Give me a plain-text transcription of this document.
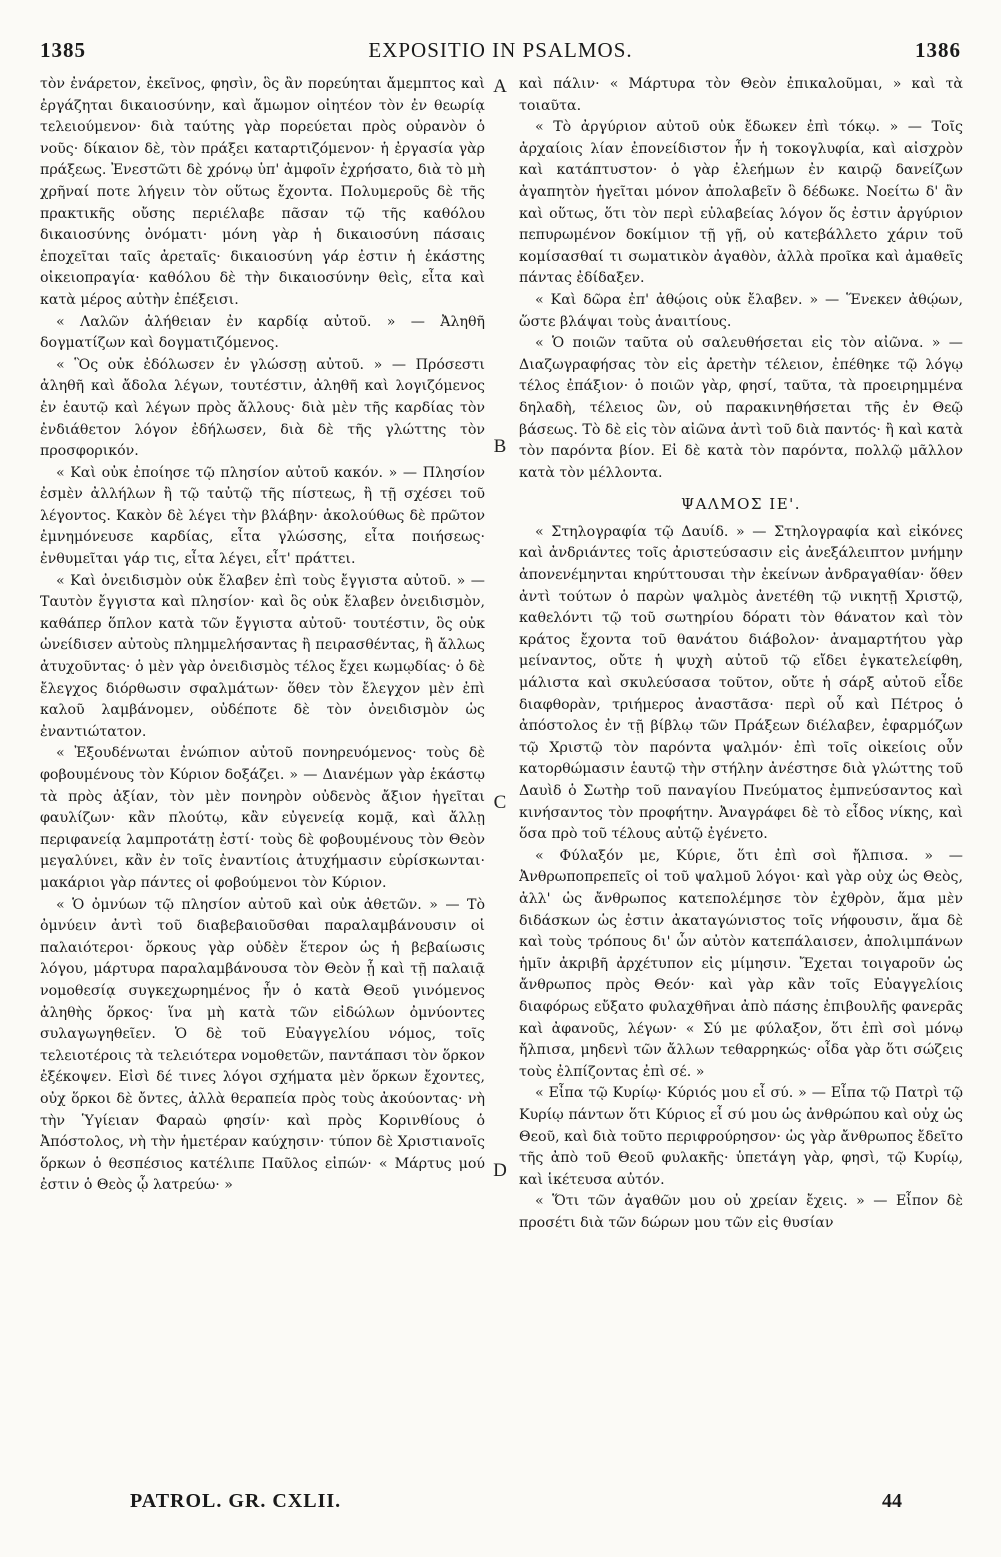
1385	EXPOSITIO IN PSALMOS.	1386

τὸν ἐνάρετον, ἐκεῖνος, φησὶν, ὃς ἂν πορεύηται ἄμεμπτος καὶ ἐργάζηται δικαιοσύνην, καὶ ἄμωμον οἰητέον τὸν ἐν θεωρίᾳ τελειούμενον· διὰ ταύτης γὰρ πορεύεται πρὸς οὐρανὸν ὁ νοῦς· δίκαιον δὲ, τὸν πράξει καταρτιζόμενον· ἡ ἐργασία γὰρ πράξεως. Ἐνεστῶτι δὲ χρόνῳ ὑπ' ἀμφοῖν ἐχρήσατο, διὰ τὸ μὴ χρῆναί ποτε λήγειν τὸν οὕτως ἔχοντα. Πολυμεροῦς δὲ τῆς πρακτικῆς οὔσης περιέλαβε πᾶσαν τῷ τῆς καθόλου δικαιοσύνης ὀνόματι· μόνη γὰρ ἡ δικαιοσύνη πάσαις ἐποχεῖται ταῖς ἀρεταῖς· δικαιοσύνη γάρ ἐστιν ἡ ἑκάστης οἰκειοπραγία· καθόλου δὲ τὴν δικαιοσύνην θεὶς, εἶτα καὶ κατὰ μέρος αὐτὴν ἐπέξεισι.

« Λαλῶν ἀλήθειαν ἐν καρδίᾳ αὐτοῦ. » — Ἀληθῆ δογματίζων καὶ δογματιζόμενος.

« Ὃς οὐκ ἐδόλωσεν ἐν γλώσσῃ αὐτοῦ. » — Πρόσεστι ἀληθῆ καὶ ἄδολα λέγων, τουτέστιν, ἀληθῆ καὶ λογιζόμενος ἐν ἑαυτῷ καὶ λέγων πρὸς ἄλλους· διὰ μὲν τῆς καρδίας τὸν ἐνδιάθετον λόγον ἐδήλωσεν, διὰ δὲ τῆς γλώττης τὸν προσφορικόν.

« Καὶ οὐκ ἐποίησε τῷ πλησίον αὐτοῦ κακόν. » — Πλησίον ἐσμὲν ἀλλήλων ἢ τῷ ταὐτῷ τῆς πίστεως, ἢ τῇ σχέσει τοῦ λέγοντος. Κακὸν δὲ λέγει τὴν βλάβην· ἀκολούθως δὲ πρῶτον ἐμνημόνευσε καρδίας, εἶτα γλώσσης, εἶτα ποιήσεως· ἐνθυμεῖται γάρ τις, εἶτα λέγει, εἶτ' πράττει.

« Καὶ ὀνειδισμὸν οὐκ ἔλαβεν ἐπὶ τοὺς ἔγγιστα αὐτοῦ. » — Ταυτὸν ἔγγιστα καὶ πλησίον· καὶ ὃς οὐκ ἔλαβεν ὀνειδισμὸν, καθάπερ ὅπλον κατὰ τῶν ἔγγιστα αὐτοῦ· τουτέστιν, ὃς οὐκ ὠνείδισεν αὐτοὺς πλημμελήσαντας ἢ πειρασθέντας, ἢ ἄλλως ἀτυχοῦντας· ὁ μὲν γὰρ ὀνειδισμὸς τέλος ἔχει κωμῳδίας· ὁ δὲ ἔλεγχος διόρθωσιν σφαλμάτων· ὅθεν τὸν ἔλεγχον μὲν ἐπὶ καλοῦ λαμβάνομεν, οὐδέποτε δὲ τὸν ὀνειδισμὸν ὡς ἐναντιώτατον.

« Ἐξουδένωται ἐνώπιον αὐτοῦ πονηρευόμενος· τοὺς δὲ φοβουμένους τὸν Κύριον δοξάζει. » — Διανέμων γὰρ ἑκάστῳ τὰ πρὸς ἀξίαν, τὸν μὲν πονηρὸν οὐδενὸς ἄξιον ἡγεῖται φαυλίζων· κἂν πλούτῳ, κἂν εὐγενείᾳ κομᾷ, καὶ ἄλλῃ περιφανείᾳ λαμπροτάτῃ ἐστί· τοὺς δὲ φοβουμένους τὸν Θεὸν μεγαλύνει, κἂν ἐν τοῖς ἐναντίοις ἀτυχήμασιν εὑρίσκωνται· μακάριοι γὰρ πάντες οἱ φοβούμενοι τὸν Κύριον.

« Ὁ ὀμνύων τῷ πλησίον αὐτοῦ καὶ οὐκ ἀθετῶν. » — Τὸ ὀμνύειν ἀντὶ τοῦ διαβεβαιοῦσθαι παραλαμβάνουσιν οἱ παλαιότεροι· ὅρκους γὰρ οὐδὲν ἕτερον ὡς ἡ βεβαίωσις λόγου, μάρτυρα παραλαμβάνουσα τὸν Θεὸν ᾗ καὶ τῇ παλαιᾷ νομοθεσίᾳ συγκεχωρημένος ἦν ὁ κατὰ Θεοῦ γινόμενος ἀληθὴς ὅρκος· ἵνα μὴ κατὰ τῶν εἰδώλων ὀμνύοντες συλαγωγηθεῖεν. Ὁ δὲ τοῦ Εὐαγγελίου νόμος, τοῖς τελειοτέροις τὰ τελειότερα νομοθετῶν, παντάπασι τὸν ὅρκον ἐξέκοψεν. Εἰσὶ δέ τινες λόγοι σχήματα μὲν ὅρκων ἔχοντες, οὐχ ὅρκοι δὲ ὄντες, ἀλλὰ θεραπεία πρὸς τοὺς ἀκούοντας· νὴ τὴν Ὑγίειαν Φαραὼ φησίν· καὶ πρὸς Κορινθίους ὁ Ἀπόστολος, νὴ τὴν ἡμετέραν καύχησιν· τύπον δὲ Χριστιανοῖς ὅρκων ὁ θεσπέσιος κατέλιπε Παῦλος εἰπών· « Μάρτυς μού ἐστιν ὁ Θεὸς ᾧ λατρεύω· »

A
B
C
D

καὶ πάλιν· « Μάρτυρα τὸν Θεὸν ἐπικαλοῦμαι, » καὶ τὰ τοιαῦτα.

« Τὸ ἀργύριον αὐτοῦ οὐκ ἔδωκεν ἐπὶ τόκῳ. » — Τοῖς ἀρχαίοις λίαν ἐπονείδιστον ἦν ἡ τοκογλυφία, καὶ αἰσχρὸν καὶ κατάπτυστον· ὁ γὰρ ἐλεήμων ἐν καιρῷ δανείζων ἀγαπητὸν ἡγεῖται μόνον ἀπολαβεῖν ὃ δέδωκε. Νοείτω δ' ἂν καὶ οὕτως, ὅτι τὸν περὶ εὐλαβείας λόγον ὅς ἐστιν ἀργύριον πεπυρωμένον δοκίμιον τῇ γῇ, οὐ κατεβάλλετο χάριν τοῦ κομίσασθαί τι σωματικὸν ἀγαθὸν, ἀλλὰ προῖκα καὶ ἀμαθεῖς πάντας ἐδίδαξεν.

« Καὶ δῶρα ἐπ' ἀθῴοις οὐκ ἔλαβεν. » — Ἕνεκεν ἀθῴων, ὥστε βλάψαι τοὺς ἀναιτίους.

« Ὁ ποιῶν ταῦτα οὐ σαλευθήσεται εἰς τὸν αἰῶνα. » — Διαζωγραφήσας τὸν εἰς ἀρετὴν τέλειον, ἐπέθηκε τῷ λόγῳ τέλος ἐπάξιον· ὁ ποιῶν γὰρ, φησί, ταῦτα, τὰ προειρημμένα δηλαδὴ, τέλειος ὢν, οὐ παρακινηθήσεται τῆς ἐν Θεῷ βάσεως. Τὸ δὲ εἰς τὸν αἰῶνα ἀντὶ τοῦ διὰ παντός· ἢ καὶ κατὰ τὸν παρόντα βίον. Εἰ δὲ κατὰ τὸν παρόντα, πολλῷ μᾶλλον κατὰ τὸν μέλλοντα.

ΨΑΛΜΟΣ ΙΕ'.

« Στηλογραφία τῷ Δαυίδ. » — Στηλογραφία καὶ εἰκόνες καὶ ἀνδριάντες τοῖς ἀριστεύσασιν εἰς ἀνεξάλειπτον μνήμην ἀπονενέμηνται κηρύττουσαι τὴν ἐκείνων ἀνδραγαθίαν· ὅθεν ἀντὶ τούτων ὁ παρὼν ψαλμὸς ἀνετέθη τῷ νικητῇ Χριστῷ, καθελόντι τῷ τοῦ σωτηρίου δόρατι τὸν θάνατον καὶ τὸν κράτος ἔχοντα τοῦ θανάτου διάβολον· ἀναμαρτήτου γὰρ μείναντος, οὔτε ἡ ψυχὴ αὐτοῦ τῷ εἴδει ἐγκατελείφθη, μάλιστα καὶ σκυλεύσασα τοῦτον, οὔτε ἡ σάρξ αὐτοῦ εἶδε διαφθορὰν, τριήμερος ἀναστᾶσα· περὶ οὗ καὶ Πέτρος ὁ ἀπόστολος ἐν τῇ βίβλῳ τῶν Πράξεων διέλαβεν, ἐφαρμόζων τῷ Χριστῷ τὸν παρόντα ψαλμόν· ἐπὶ τοῖς οἰκείοις οὖν κατορθώμασιν ἑαυτῷ τὴν στήλην ἀνέστησε διὰ γλώττης τοῦ Δαυὶδ ὁ Σωτὴρ τοῦ παναγίου Πνεύματος ἐμπνεύσαντος καὶ κινήσαντος τὸν προφήτην. Ἀναγράφει δὲ τὸ εἶδος νίκης, καὶ ὅσα πρὸ τοῦ τέλους αὐτῷ ἐγένετο.

« Φύλαξόν με, Κύριε, ὅτι ἐπὶ σοὶ ἤλπισα. » — Ἀνθρωποπρεπεῖς οἱ τοῦ ψαλμοῦ λόγοι· καὶ γὰρ οὐχ ὡς Θεὸς, ἀλλ' ὡς ἄνθρωπος κατεπολέμησε τὸν ἐχθρὸν, ἅμα μὲν διδάσκων ὡς ἐστιν ἀκαταγώνιστος τοῖς νήφουσιν, ἅμα δὲ καὶ τοὺς τρόπους δι' ὧν αὐτὸν κατεπάλαισεν, ἀπολιμπάνων ἡμῖν ἀκριβῆ ἀρχέτυπον εἰς μίμησιν. Ἔχεται τοιγαροῦν ὡς ἄνθρωπος πρὸς Θεόν· καὶ γὰρ κἂν τοῖς Εὐαγγελίοις διαφόρως εὔξατο φυλαχθῆναι ἀπὸ πάσης ἐπιβουλῆς φανερᾶς καὶ ἀφανοῦς, λέγων· « Σύ με φύλαξον, ὅτι ἐπὶ σοὶ μόνῳ ἤλπισα, μηδενὶ τῶν ἄλλων τεθαρρηκώς· οἶδα γὰρ ὅτι σώζεις τοὺς ἐλπίζοντας ἐπὶ σέ. »

« Εἶπα τῷ Κυρίῳ· Κύριός μου εἶ σύ. » — Εἶπα τῷ Πατρὶ τῷ Κυρίῳ πάντων ὅτι Κύριος εἶ σύ μου ὡς ἀνθρώπου καὶ οὐχ ὡς Θεοῦ, καὶ διὰ τοῦτο περιφρούρησον· ὡς γὰρ ἄνθρωπος ἔδεῖτο τῆς ἀπὸ τοῦ Θεοῦ φυλακῆς· ὑπετάγη γὰρ, φησὶ, τῷ Κυρίῳ, καὶ ἱκέτευσα αὐτόν.

« Ὅτι τῶν ἀγαθῶν μου οὐ χρείαν ἔχεις. » — Εἶπον δὲ προσέτι διὰ τῶν δώρων μου τῶν εἰς θυσίαν

PATROL. GR. CXLII.	44
